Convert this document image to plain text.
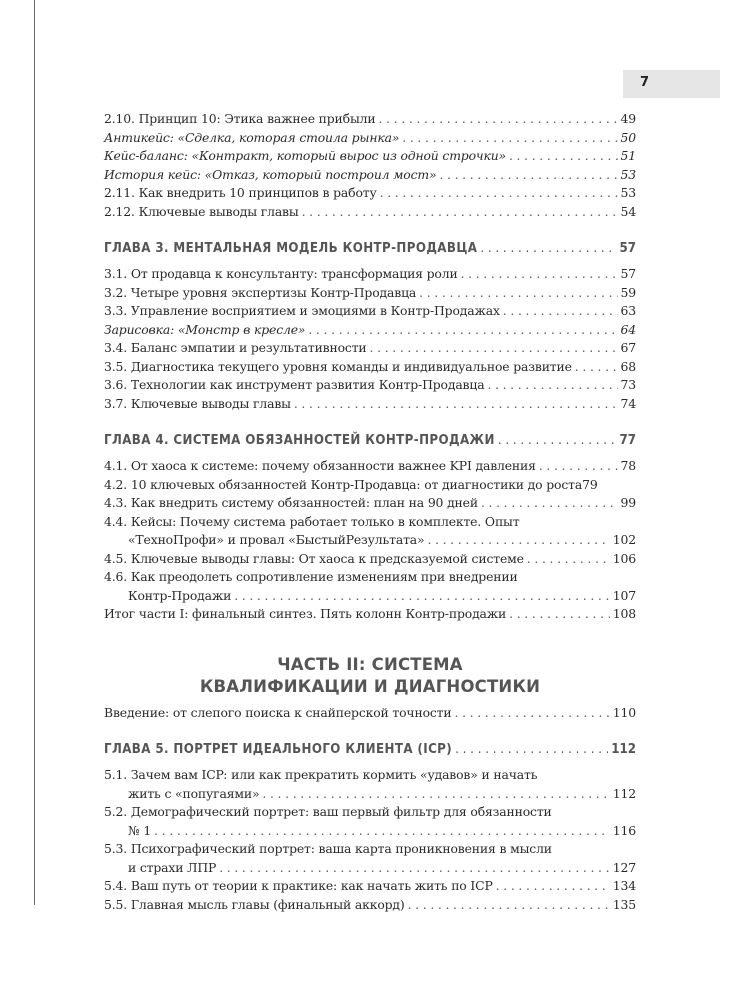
7
2.10. Принцип 10: Этика важнее прибыли . . .	49
Антикейс: «Сделка, которая стоила рынка» . . .	50
Кейс-баланс: «Контракт, который вырос из одной строчки» . . .	51
История кейс: «Отказ, который построил мост» . . .	53
2.11. Как внедрить 10 принципов в работу . . .	53
2.12. Ключевые выводы главы . . .	54
ГЛАВА 3. МЕНТАЛЬНАЯ МОДЕЛЬ КОНТР-ПРОДАВЦА . . .	57
3.1. От продавца к консультанту: трансформация роли . . .	57
3.2. Четыре уровня экспертизы Контр-Продавца . . .	59
3.3. Управление восприятием и эмоциями в Контр-Продажах . . .	63
Зарисовка: «Монстр в кресле» . . .	64
3.4. Баланс эмпатии и результативности . . .	67
3.5. Диагностика текущего уровня команды и индивидуальное развитие . . .	68
3.6. Технологии как инструмент развития Контр-Продавца . . .	73
3.7. Ключевые выводы главы . . .	74
ГЛАВА 4. СИСТЕМА ОБЯЗАННОСТЕЙ КОНТР-ПРОДАЖИ . . .	77
4.1. От хаоса к системе: почему обязанности важнее KPI давления . . .	78
4.2. 10 ключевых обязанностей Контр-Продавца: от диагностики до роста 79
4.3. Как внедрить систему обязанностей: план на 90 дней . . .	99
4.4. Кейсы: Почему система работает только в комплекте. Опыт
«ТехноПрофи» и провал «БыстыйРезультата» . . .	102
4.5. Ключевые выводы главы: От хаоса к предсказуемой системе . . .	106
4.6. Как преодолеть сопротивление изменениям при внедрении
Контр-Продажи . . .	107
Итог части I: финальный синтез. Пять колонн Контр-продажи . . .	108
ЧАСТЬ II: СИСТЕМА
КВАЛИФИКАЦИИ И ДИАГНОСТИКИ
Введение: от слепого поиска к снайперской точности . . .	110
ГЛАВА 5. ПОРТРЕТ ИДЕАЛЬНОГО КЛИЕНТА (ICP) . . .	112
5.1. Зачем вам ICP: или как прекратить кормить «удавов» и начать
жить с «попугаями» . . .	112
5.2. Демографический портрет: ваш первый фильтр для обязанности
№ 1 . . .	116
5.3. Психографический портрет: ваша карта проникновения в мысли
и страхи ЛПР . . .	127
5.4. Ваш путь от теории к практике: как начать жить по ICP . . .	134
5.5. Главная мысль главы (финальный аккорд) . . .	135
